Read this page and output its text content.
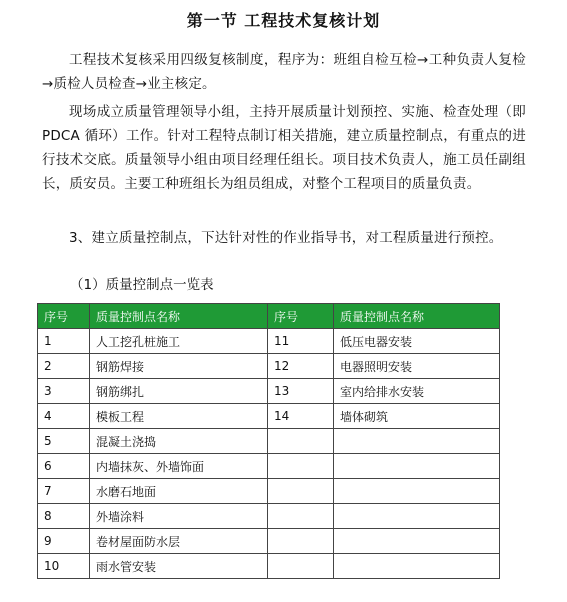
第一节 工程技术复核计划
工程技术复核采用四级复核制度，程序为：班组自检互检→工种负责人复检→质检人员检查→业主核定。
现场成立质量管理领导小组，主持开展质量计划预控、实施、检查处理（即 PDCA 循环）工作。针对工程特点制订相关措施，建立质量控制点，有重点的进行技术交底。质量领导小组由项目经理任组长。项目技术负责人，施工员任副组长，质安员。主要工种班组长为组员组成，对整个工程项目的质量负责。
3、建立质量控制点，下达针对性的作业指导书，对工程质量进行预控。
（1）质量控制点一览表
序号	质量控制点名称	序号	质量控制点名称
1	人工挖孔桩施工	11	低压电器安装
2	钢筋焊接	12	电器照明安装
3	钢筋绑扎	13	室内给排水安装
4	模板工程	14	墙体砌筑
5	混凝土浇捣		
6	内墙抹灰、外墙饰面		
7	水磨石地面		
8	外墙涂料		
9	卷材屋面防水层		
10	雨水管安装		
